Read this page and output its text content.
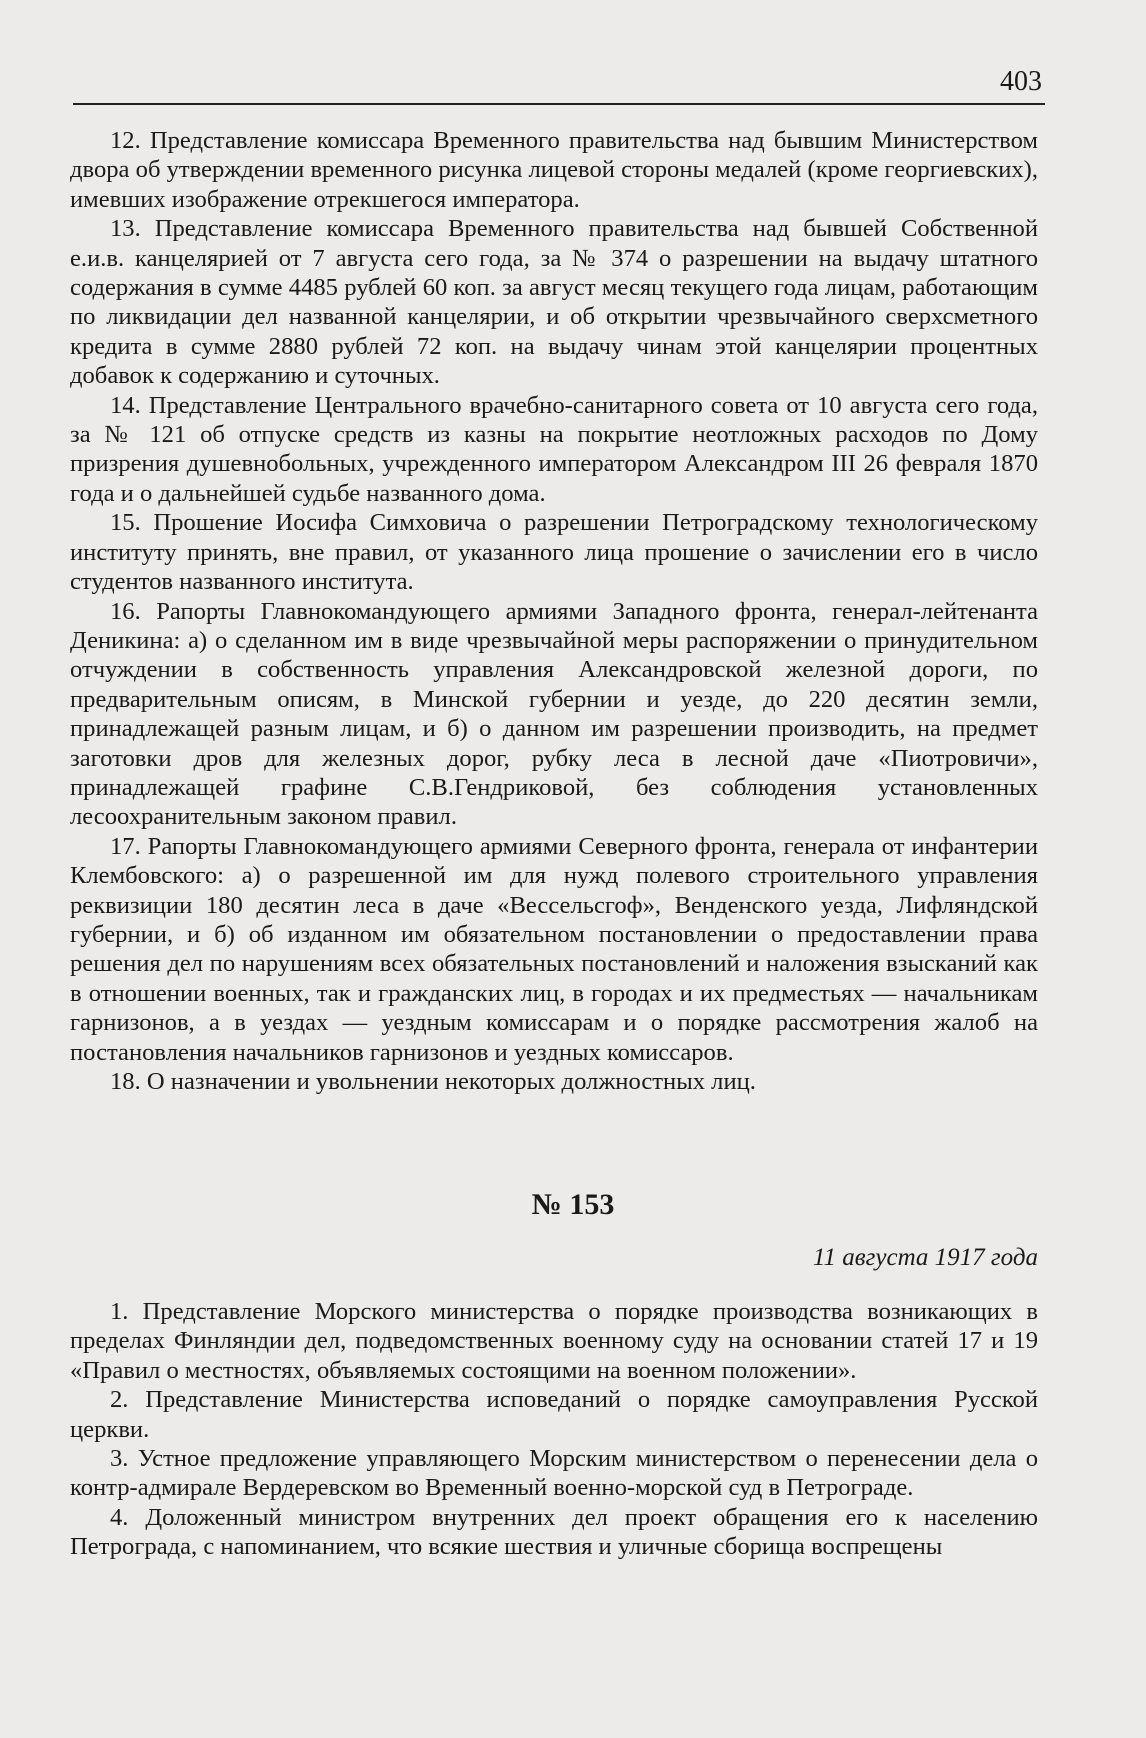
403

12. Представление комиссара Временного правительства над бывшим Министерством двора об утверждении временного рисунка лицевой стороны медалей (кроме георгиевских), имевших изображение отрекшегося императора.

13. Представление комиссара Временного правительства над бывшей Собственной е.и.в. канцелярией от 7 августа сего года, за № 374 о разрешении на выдачу штатного содержания в сумме 4485 рублей 60 коп. за август месяц текущего года лицам, работающим по ликвидации дел названной канцелярии, и об открытии чрезвычайного сверхсметного кредита в сумме 2880 рублей 72 коп. на выдачу чинам этой канцелярии процентных добавок к содержанию и суточных.

14. Представление Центрального врачебно-санитарного совета от 10 августа сего года, за № 121 об отпуске средств из казны на покрытие неотложных расходов по Дому призрения душевнобольных, учрежденного императором Александром III 26 февраля 1870 года и о дальнейшей судьбе названного дома.

15. Прошение Иосифа Симховича о разрешении Петроградскому технологическому институту принять, вне правил, от указанного лица прошение о зачислении его в число студентов названного института.

16. Рапорты Главнокомандующего армиями Западного фронта, генерал-лейтенанта Деникина: а) о сделанном им в виде чрезвычайной меры распоряжении о принудительном отчуждении в собственность управления Александровской железной дороги, по предварительным описям, в Минской губернии и уезде, до 220 десятин земли, принадлежащей разным лицам, и б) о данном им разрешении производить, на предмет заготовки дров для железных дорог, рубку леса в лесной даче «Пиотровичи», принадлежащей графине С.В.Гендриковой, без соблюдения установленных лесоохранительным законом правил.

17. Рапорты Главнокомандующего армиями Северного фронта, генерала от инфантерии Клембовского: а) о разрешенной им для нужд полевого строительного управления реквизиции 180 десятин леса в даче «Вессельсгоф», Венденского уезда, Лифляндской губернии, и б) об изданном им обязательном постановлении о предоставлении права решения дел по нарушениям всех обязательных постановлений и наложения взысканий как в отношении военных, так и гражданских лиц, в городах и их предместьях — начальникам гарнизонов, а в уездах — уездным комиссарам и о порядке рассмотрения жалоб на постановления начальников гарнизонов и уездных комиссаров.

18. О назначении и увольнении некоторых должностных лиц.

№ 153
11 августа 1917 года

1. Представление Морского министерства о порядке производства возникающих в пределах Финляндии дел, подведомственных военному суду на основании статей 17 и 19 «Правил о местностях, объявляемых состоящими на военном положении».

2. Представление Министерства исповеданий о порядке самоуправления Русской церкви.

3. Устное предложение управляющего Морским министерством о перенесении дела о контр-адмирале Вердеревском во Временный военно-морской суд в Петрограде.

4. Доложенный министром внутренних дел проект обращения его к населению Петрограда, с напоминанием, что всякие шествия и уличные сборища воспрещены
